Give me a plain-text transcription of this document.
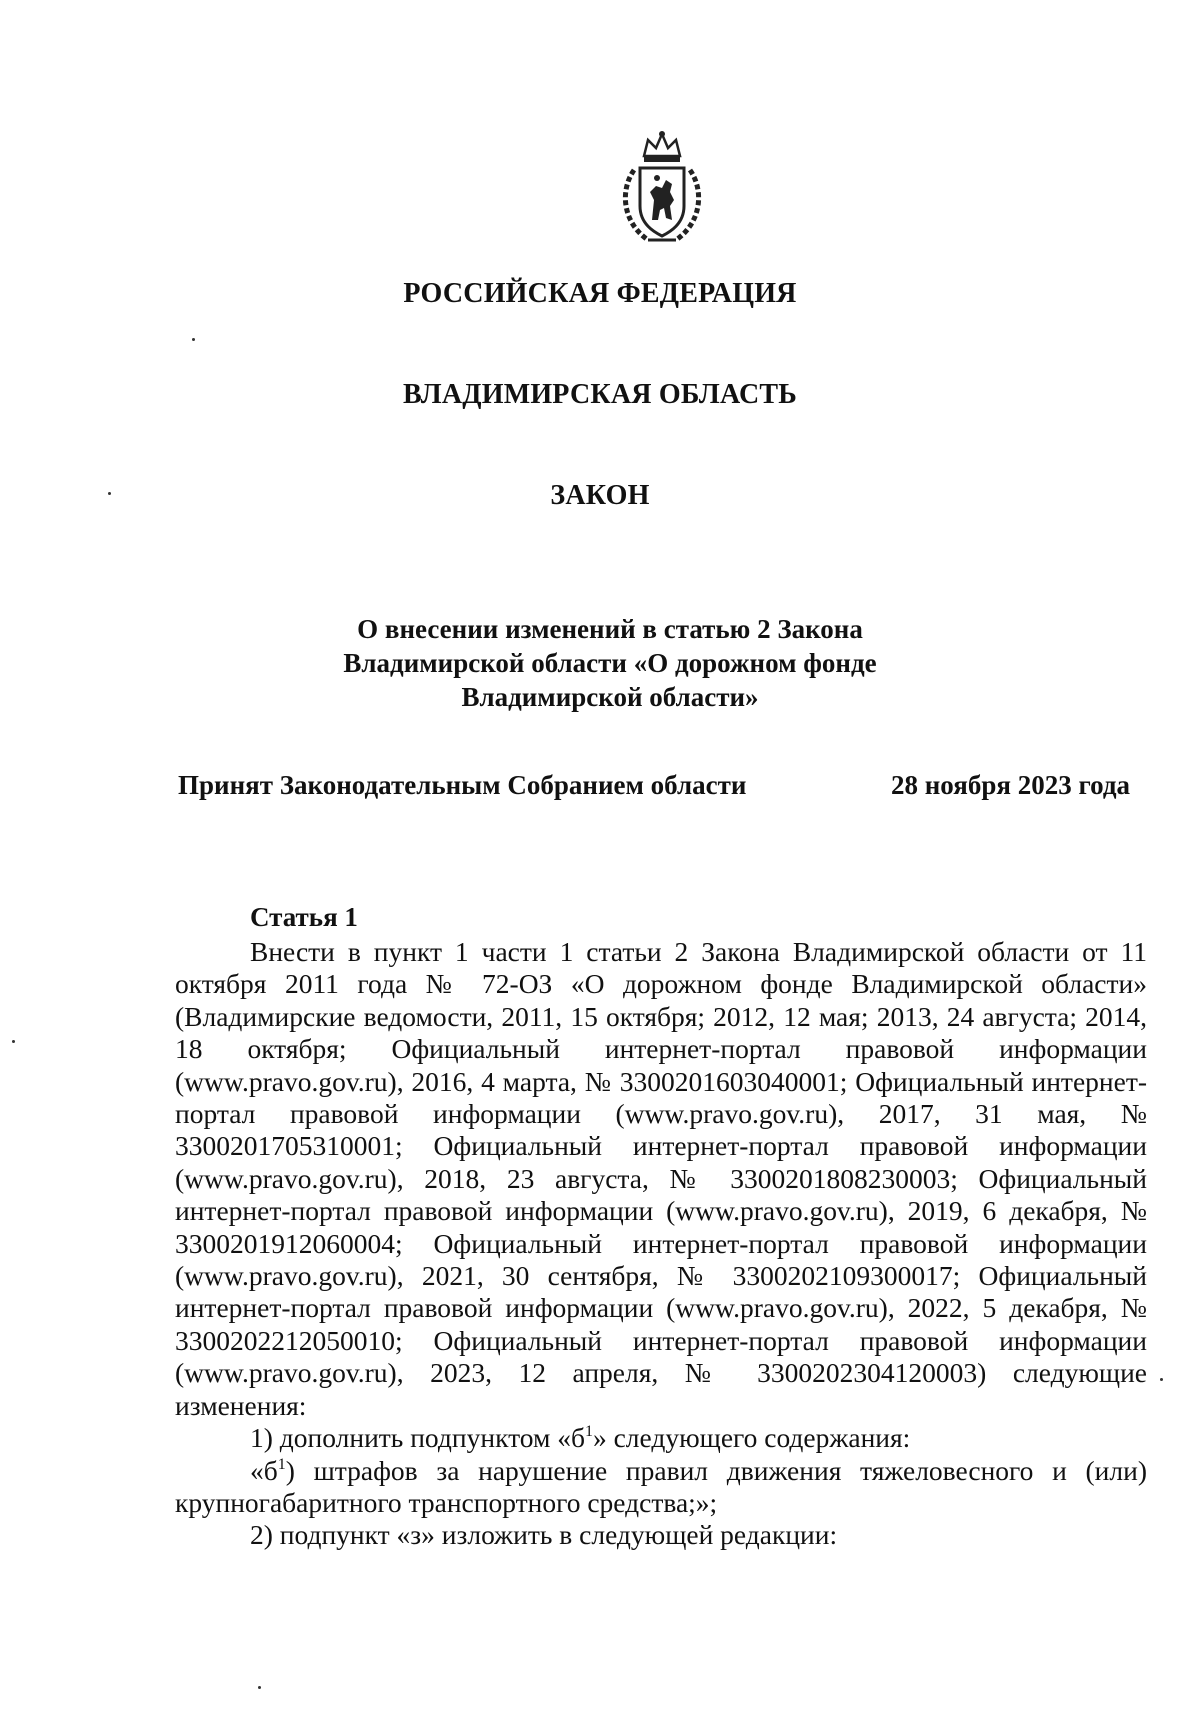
РОССИЙСКАЯ ФЕДЕРАЦИЯ
ВЛАДИМИРСКАЯ ОБЛАСТЬ
ЗАКОН
О внесении изменений в статью 2 Закона
Владимирской области «О дорожном фонде
Владимирской области»
Принят Законодательным Собранием области	28 ноября 2023 года
Статья 1

Внести в пункт 1 части 1 статьи 2 Закона Владимирской области от 11 октября 2011 года № 72-ОЗ «О дорожном фонде Владимирской области» (Владимирские ведомости, 2011, 15 октября; 2012, 12 мая; 2013, 24 августа; 2014, 18 октября; Официальный интернет-портал правовой информации (www.pravo.gov.ru), 2016, 4 марта, № 3300201603040001; Официальный интернет-портал правовой информации (www.pravo.gov.ru), 2017, 31 мая, № 3300201705310001; Официальный интернет-портал правовой информации (www.pravo.gov.ru), 2018, 23 августа, № 3300201808230003; Официальный интернет-портал правовой информации (www.pravo.gov.ru), 2019, 6 декабря, № 3300201912060004; Официальный интернет-портал правовой информации (www.pravo.gov.ru), 2021, 30 сентября, № 3300202109300017; Официальный интернет-портал правовой информации (www.pravo.gov.ru), 2022, 5 декабря, № 3300202212050010; Официальный интернет-портал правовой информации (www.pravo.gov.ru), 2023, 12 апреля, № 3300202304120003) следующие изменения:

1) дополнить подпунктом «$б^1$» следующего содержания:

«$б^1$) штрафов за нарушение правил движения тяжеловесного и (или) крупногабаритного транспортного средства;»;

2) подпункт «з» изложить в следующей редакции:
